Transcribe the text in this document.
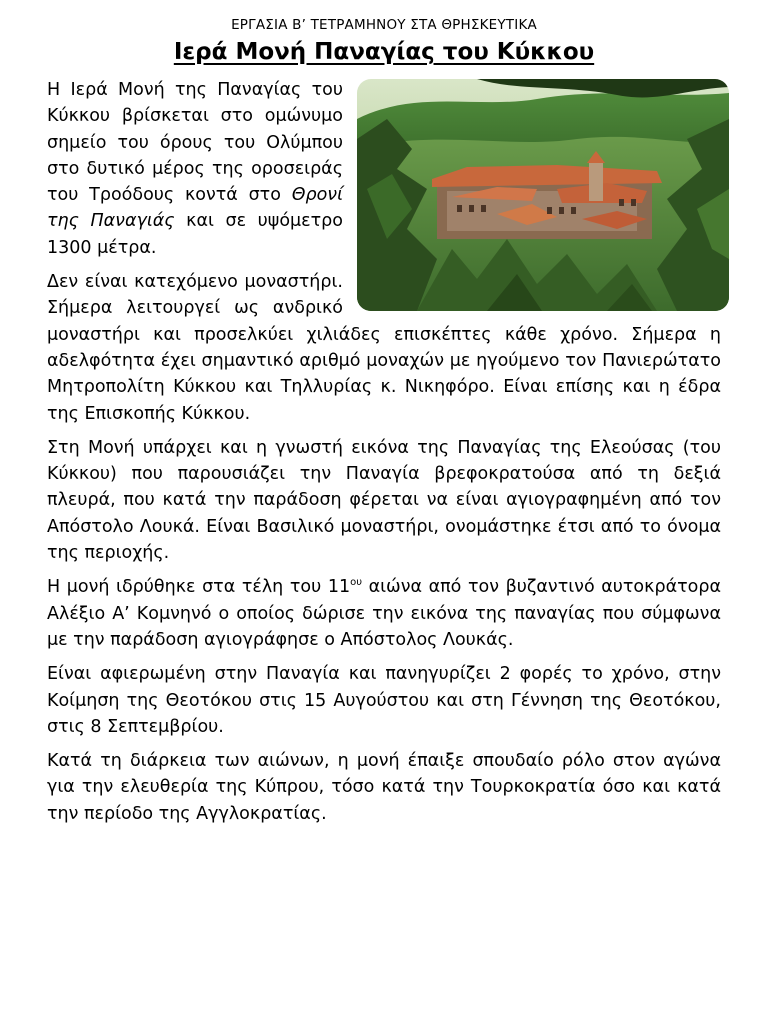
ΕΡΓΑΣΙΑ Β’ ΤΕΤΡΑΜΗΝΟΥ ΣΤΑ ΘΡΗΣΚΕΥΤΙΚΑ
Ιερά Μονή Παναγίας του Κύκκου

Η Ιερά Μονή της Παναγίας του Κύκκου βρίσκεται στο ομώνυμο σημείο του όρους του Ολύμπου στο δυτικό μέρος της οροσειράς του Τροόδους κοντά στο Θρονί της Παναγιάς και σε υψόμετρο 1300 μέτρα.

Δεν είναι κατεχόμενο μοναστήρι. Σήμερα λειτουργεί ως ανδρικό μοναστήρι και προσελκύει χιλιάδες επισκέπτες κάθε χρόνο. Σήμερα η αδελφότητα έχει σημαντικό αριθμό μοναχών με ηγούμενο τον Πανιερώτατο Μητροπολίτη Κύκκου και Τηλλυρίας κ. Νικηφόρο. Είναι επίσης και η έδρα της Επισκοπής Κύκκου.

Στη Μονή υπάρχει και η γνωστή εικόνα της Παναγίας της Ελεούσας (του Κύκκου) που παρουσιάζει την Παναγία βρεφοκρατούσα από τη δεξιά πλευρά, που κατά την παράδοση φέρεται να είναι αγιογραφημένη από τον Απόστολο Λουκά. Είναι Βασιλικό μοναστήρι, ονομάστηκε έτσι από το όνομα της περιοχής.

Η μονή ιδρύθηκε στα τέλη του $11^{o\upsilon}$ αιώνα από τον βυζαντινό αυτοκράτορα Αλέξιο Α’ Κομνηνό ο οποίος δώρισε την εικόνα της παναγίας που σύμφωνα με την παράδοση αγιογράφησε ο Απόστολος Λουκάς.

Είναι αφιερωμένη στην Παναγία και πανηγυρίζει 2 φορές το χρόνο, στην Κοίμηση της Θεοτόκου στις 15 Αυγούστου και στη Γέννηση της Θεοτόκου, στις 8 Σεπτεμβρίου.

Κατά τη διάρκεια των αιώνων, η μονή έπαιξε σπουδαίο ρόλο στον αγώνα για την ελευθερία της Κύπρου, τόσο κατά την Τουρκοκρατία όσο και κατά την περίοδο της Αγγλοκρατίας.
